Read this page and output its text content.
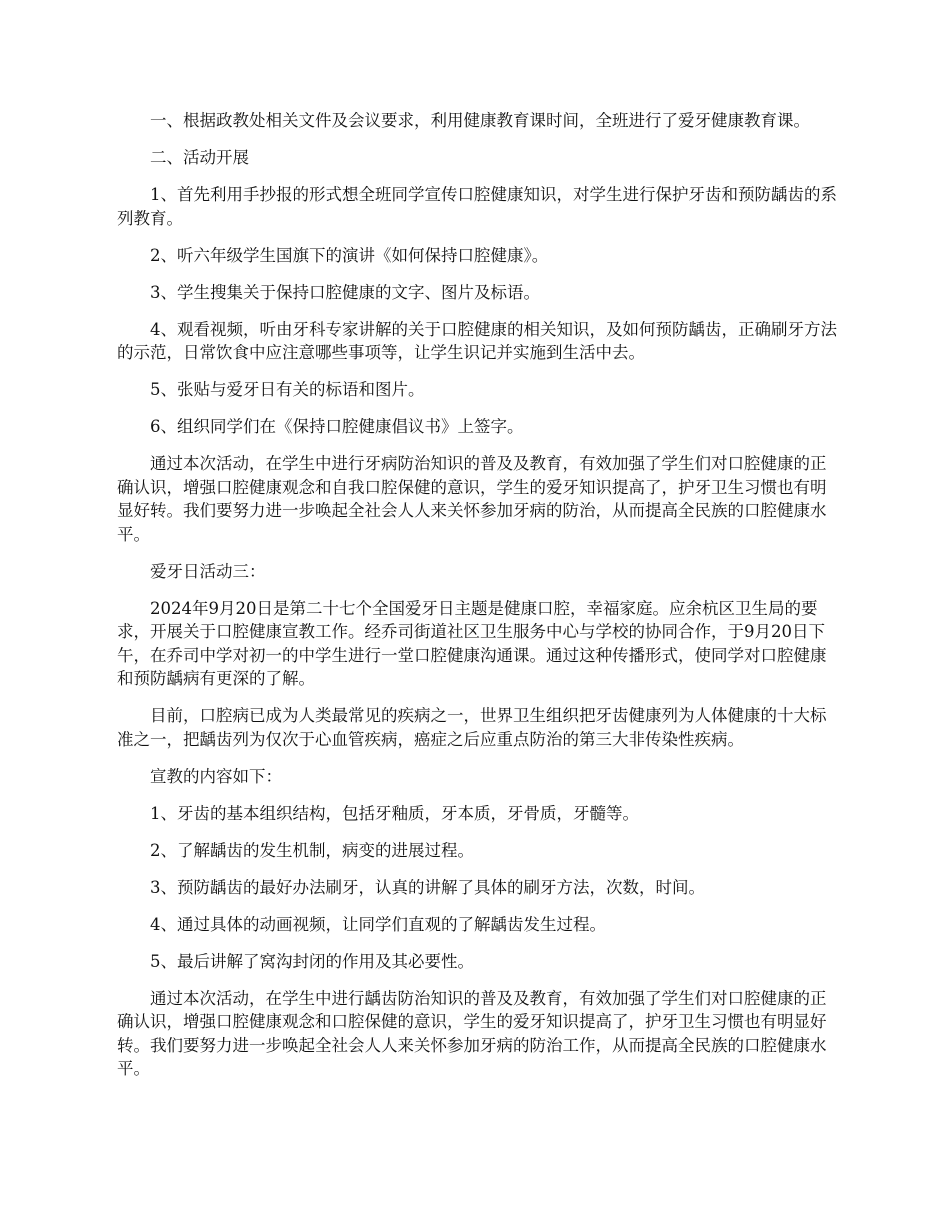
一、根据政教处相关文件及会议要求，利用健康教育课时间，全班进行了爱牙健康教育课。

二、活动开展

1、首先利用手抄报的形式想全班同学宣传口腔健康知识，对学生进行保护牙齿和预防龋齿的系列教育。

2、听六年级学生国旗下的演讲《如何保持口腔健康》。

3、学生搜集关于保持口腔健康的文字、图片及标语。

4、观看视频，听由牙科专家讲解的关于口腔健康的相关知识，及如何预防龋齿，正确刷牙方法的示范，日常饮食中应注意哪些事项等，让学生识记并实施到生活中去。

5、张贴与爱牙日有关的标语和图片。

6、组织同学们在《保持口腔健康倡议书》上签字。

通过本次活动，在学生中进行牙病防治知识的普及及教育，有效加强了学生们对口腔健康的正确认识，增强口腔健康观念和自我口腔保健的意识，学生的爱牙知识提高了，护牙卫生习惯也有明显好转。我们要努力进一步唤起全社会人人来关怀参加牙病的防治，从而提高全民族的口腔健康水平。

爱牙日活动三：

2024年9月20日是第二十七个全国爱牙日主题是健康口腔，幸福家庭。应余杭区卫生局的要求，开展关于口腔健康宣教工作。经乔司街道社区卫生服务中心与学校的协同合作，于9月20日下午，在乔司中学对初一的中学生进行一堂口腔健康沟通课。通过这种传播形式，使同学对口腔健康和预防龋病有更深的了解。

目前，口腔病已成为人类最常见的疾病之一，世界卫生组织把牙齿健康列为人体健康的十大标准之一，把龋齿列为仅次于心血管疾病，癌症之后应重点防治的第三大非传染性疾病。

宣教的内容如下：

1、牙齿的基本组织结构，包括牙釉质，牙本质，牙骨质，牙髓等。

2、了解龋齿的发生机制，病变的进展过程。

3、预防龋齿的最好办法刷牙，认真的讲解了具体的刷牙方法，次数，时间。

4、通过具体的动画视频，让同学们直观的了解龋齿发生过程。

5、最后讲解了窝沟封闭的作用及其必要性。

通过本次活动，在学生中进行龋齿防治知识的普及及教育，有效加强了学生们对口腔健康的正确认识，增强口腔健康观念和口腔保健的意识，学生的爱牙知识提高了，护牙卫生习惯也有明显好转。我们要努力进一步唤起全社会人人来关怀参加牙病的防治工作，从而提高全民族的口腔健康水平。
